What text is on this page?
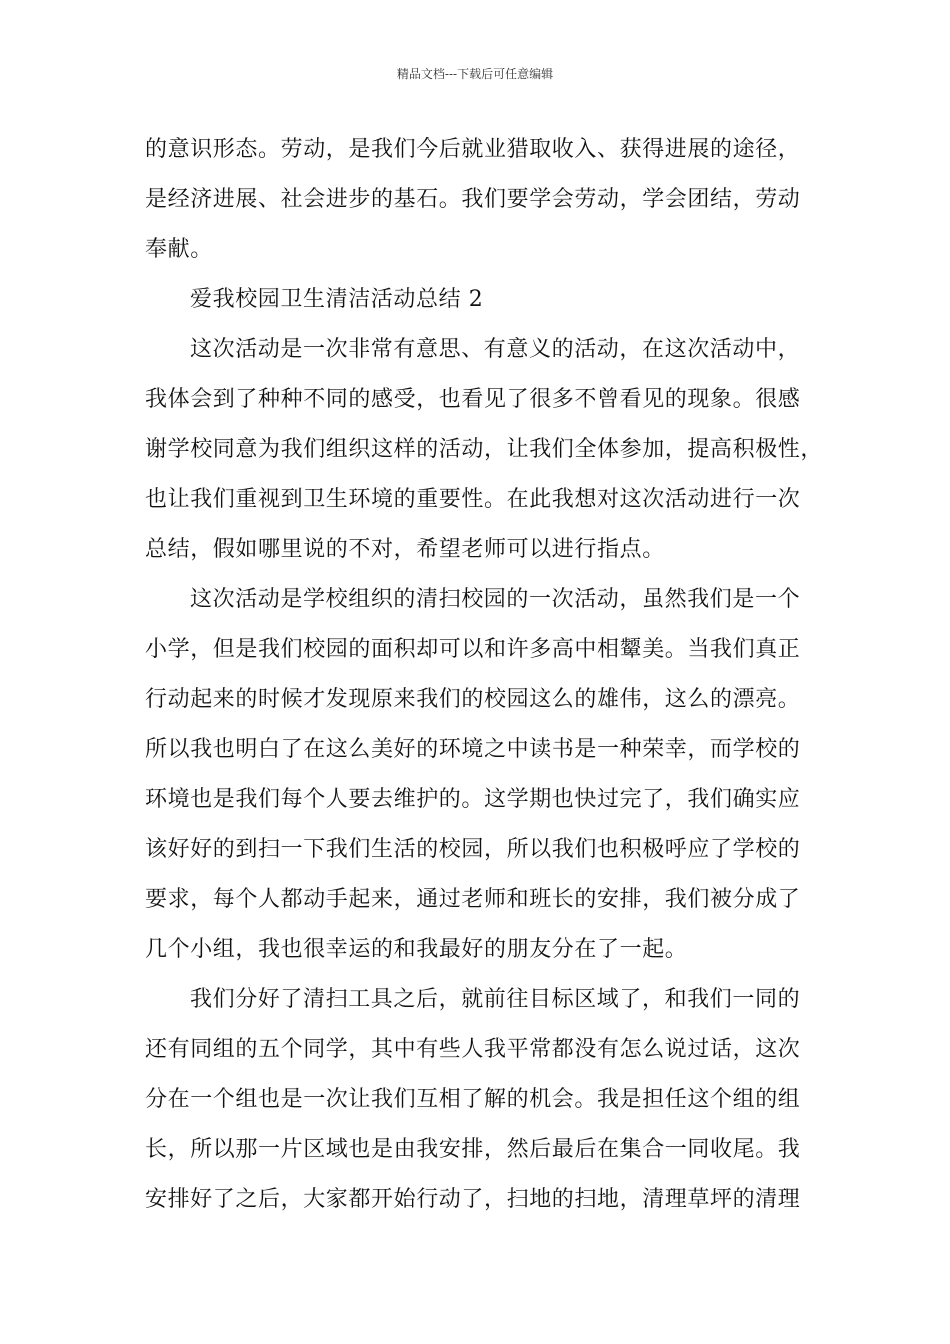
精品文档---下载后可任意编辑
的意识形态。劳动，是我们今后就业猎取收入、获得进展的途径，
是经济进展、社会进步的基石。我们要学会劳动，学会团结，劳动
奉献。
爱我校园卫生清洁活动总结 2
这次活动是一次非常有意思、有意义的活动，在这次活动中，
我体会到了种种不同的感受，也看见了很多不曾看见的现象。很感
谢学校同意为我们组织这样的活动，让我们全体参加，提高积极性，
也让我们重视到卫生环境的重要性。在此我想对这次活动进行一次
总结，假如哪里说的不对，希望老师可以进行指点。
这次活动是学校组织的清扫校园的一次活动，虽然我们是一个
小学，但是我们校园的面积却可以和许多高中相颦美。当我们真正
行动起来的时候才发现原来我们的校园这么的雄伟，这么的漂亮。
所以我也明白了在这么美好的环境之中读书是一种荣幸，而学校的
环境也是我们每个人要去维护的。这学期也快过完了，我们确实应
该好好的到扫一下我们生活的校园，所以我们也积极呼应了学校的
要求，每个人都动手起来，通过老师和班长的安排，我们被分成了
几个小组，我也很幸运的和我最好的朋友分在了一起。
我们分好了清扫工具之后，就前往目标区域了，和我们一同的
还有同组的五个同学，其中有些人我平常都没有怎么说过话，这次
分在一个组也是一次让我们互相了解的机会。我是担任这个组的组
长，所以那一片区域也是由我安排，然后最后在集合一同收尾。我
安排好了之后，大家都开始行动了，扫地的扫地，清理草坪的清理
